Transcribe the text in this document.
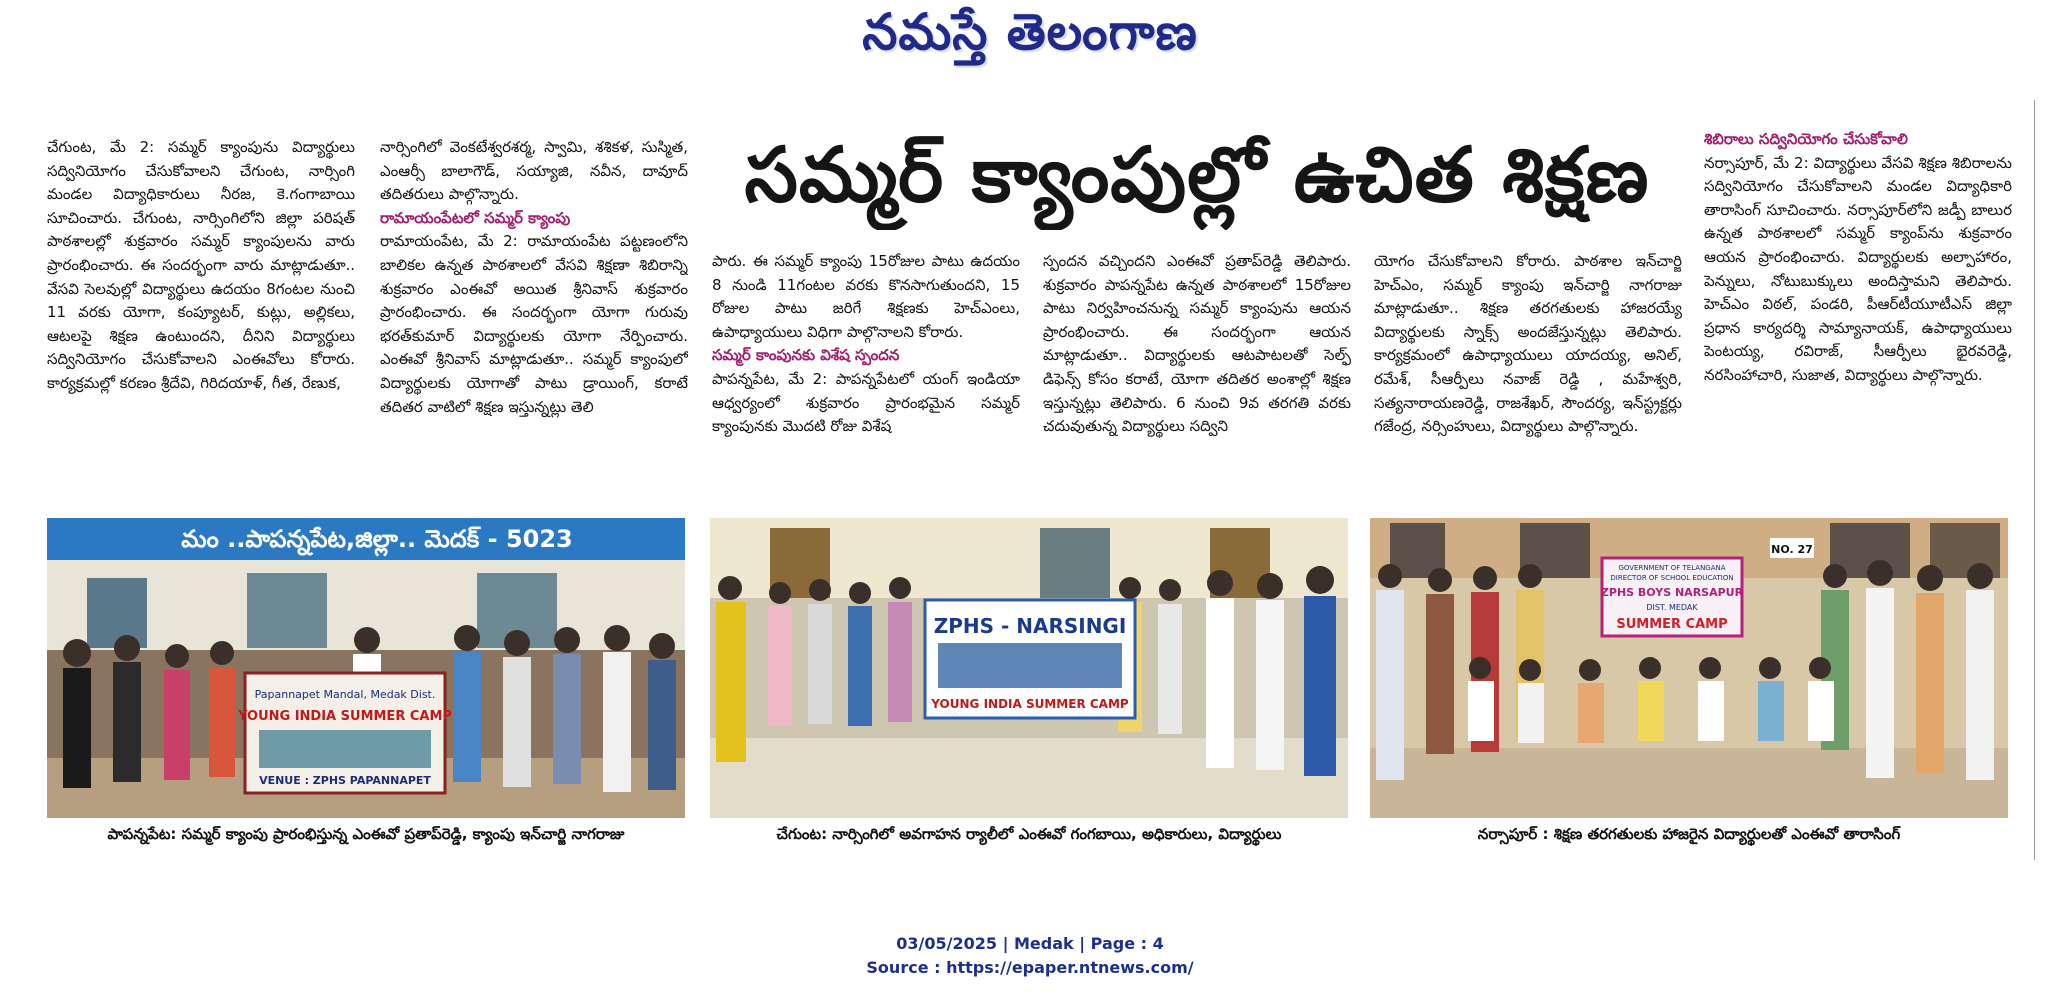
నమస్తే తెలంగాణ
సమ్మర్ క్యాంపుల్లో ఉచిత శిక్షణ

చేగుంట, మే 2: సమ్మర్ క్యాంపును విద్యార్థులు సద్వినియోగం చేసుకోవాలని చేగుంట, నార్సింగి మండల విద్యాధికారులు నీరజ, కె.గంగాబాయి సూచించారు. చేగుంట, నార్సింగిలోని జిల్లా పరిషత్ పాఠశాలల్లో శుక్రవారం సమ్మర్ క్యాంపులను వారు ప్రారంభించారు. ఈ సందర్భంగా వారు మాట్లాడుతూ.. వేసవి సెలవుల్లో విద్యార్థులు ఉదయం 8గంటల నుంచి 11 వరకు యోగా, కంప్యూటర్, కుట్లు, అల్లికలు, ఆటలపై శిక్షణ ఉంటుందని, దీనిని విద్యార్థులు సద్వినియోగం చేసుకోవాలని ఎంఈవోలు కోరారు. కార్యక్రమల్లో కరణం శ్రీదేవి, గిరిదయాళ్, గీత, రేణుక,

నార్సింగిలో వెంకటేశ్వరశర్మ, స్వామి, శశికళ, సుస్మిత, ఎంఆర్సీ బాలాగౌడ్, సయ్యాజి, నవీన, దావూద్ తదితరులు పాల్గొన్నారు.

రామాయంపేటలో సమ్మర్ క్యాంపు

రామాయంపేట, మే 2: రామాయంపేట పట్టణంలోని బాలికల ఉన్నత పాఠశాలలో వేసవి శిక్షణా శిబిరాన్ని శుక్రవారం ఎంఈవో అయిత శ్రీనివాస్ శుక్రవారం ప్రారంభించారు. ఈ సందర్భంగా యోగా గురువు భరత్‌కుమార్ విద్యార్థులకు యోగా నేర్పించారు. ఎంఈవో శ్రీనివాస్ మాట్లాడుతూ.. సమ్మర్ క్యాంపులో విద్యార్థులకు యోగాతో పాటు డ్రాయింగ్, కరాటే తదితర వాటిలో శిక్షణ ఇస్తున్నట్లు తెలి

పారు. ఈ సమ్మర్ క్యాంపు 15రోజుల పాటు ఉదయం 8 నుండి 11గంటల వరకు కొనసాగుతుందని, 15 రోజుల పాటు జరిగే శిక్షణకు హెచ్‌ఎంలు, ఉపాధ్యాయులు విధిగా పాల్గొనాలని కోరారు.

సమ్మర్ కాంపునకు విశేష స్పందన

పాపన్నపేట, మే 2: పాపన్నపేటలో యంగ్ ఇండియా ఆధ్వర్యంలో శుక్రవారం ప్రారంభమైన సమ్మర్ క్యాంపునకు మొదటి రోజు విశేష

స్పందన వచ్చిందని ఎంఈవో ప్రతాప్‌రెడ్డి తెలిపారు. శుక్రవారం పాపన్నపేట ఉన్నత పాఠశాలలో 15రోజుల పాటు నిర్వహించనున్న సమ్మర్ క్యాంపును ఆయన ప్రారంభించారు. ఈ సందర్భంగా ఆయన మాట్లాడుతూ.. విద్యార్థులకు ఆటపాటలతో సెల్ఫ్ డిఫెన్స్ కోసం కరాటే, యోగా తదితర అంశాల్లో శిక్షణ ఇస్తున్నట్లు తెలిపారు. 6 నుంచి 9వ తరగతి వరకు చదువుతున్న విద్యార్థులు సద్విని

యోగం చేసుకోవాలని కోరారు. పాఠశాల ఇన్‌చార్జి హెచ్‌ఎం, సమ్మర్ క్యాంపు ఇన్‌చార్జి నాగరాజు మాట్లాడుతూ.. శిక్షణ తరగతులకు హాజరయ్యే విద్యార్థులకు స్నాక్స్ అందజేస్తున్నట్లు తెలిపారు. కార్యక్రమంలో ఉపాధ్యాయులు యాదయ్య, అనిల్, రమేశ్, సీఆర్పీలు నవాజ్ రెడ్డి , మహేశ్వరి, సత్యనారాయణరెడ్డి, రాజశేఖర్, సౌందర్య, ఇన్‌స్ట్రక్టర్లు గజేంద్ర, నర్సింహులు, విద్యార్థులు పాల్గొన్నారు.

శిబిరాలు సద్వినియోగం చేసుకోవాలి

నర్సాపూర్, మే 2: విద్యార్థులు వేసవి శిక్షణ శిబిరాలను సద్వినియోగం చేసుకోవాలని మండల విద్యాధికారి తారాసింగ్ సూచించారు. నర్సాపూర్‌లోని జడ్పీ బాలుర ఉన్నత పాఠశాలలో సమ్మర్ క్యాంప్‌ను శుక్రవారం ఆయన ప్రారంభించారు. విద్యార్థులకు అల్పాహారం, పెన్నులు, నోటుబుక్కులు అందిస్తామని తెలిపారు. హెచ్‌ఎం విఠల్, పండరి, పీఆర్‌టీయూటీఎస్ జిల్లా ప్రధాన కార్యదర్శి సామ్యానాయక్, ఉపాధ్యాయులు పెంటయ్య, రవిరాజ్, సీఆర్పీలు భైరవరెడ్డి, నరసింహాచారి, సుజాత, విద్యార్థులు పాల్గొన్నారు.

మం ..పాపన్నపేట,జిల్లా.. మెదక్ - 5023
Papannapet Mandal, Medak Dist.
YOUNG INDIA SUMMER CAMP
VENUE : ZPHS PAPANNAPET
పాపన్నపేట: సమ్మర్ క్యాంపు ప్రారంభిస్తున్న ఎంఈవో ప్రతాప్‌రెడ్డి, క్యాంపు ఇన్‌చార్జి నాగరాజు
ZPHS - NARSINGI
YOUNG INDIA SUMMER CAMP
చేగుంట: నార్సింగిలో అవగాహన ర్యాలీలో ఎంఈవో గంగబాయి, అధికారులు, విద్యార్థులు
NO. 27
GOVERNMENT OF TELANGANA
DIRECTOR OF SCHOOL EDUCATION
ZPHS BOYS NARSAPUR
DIST. MEDAK
SUMMER CAMP
నర్సాపూర్ : శిక్షణ తరగతులకు హాజరైన విద్యార్థులతో ఎంఈవో తారాసింగ్
03/05/2025 | Medak | Page : 4
Source : https://epaper.ntnews.com/
